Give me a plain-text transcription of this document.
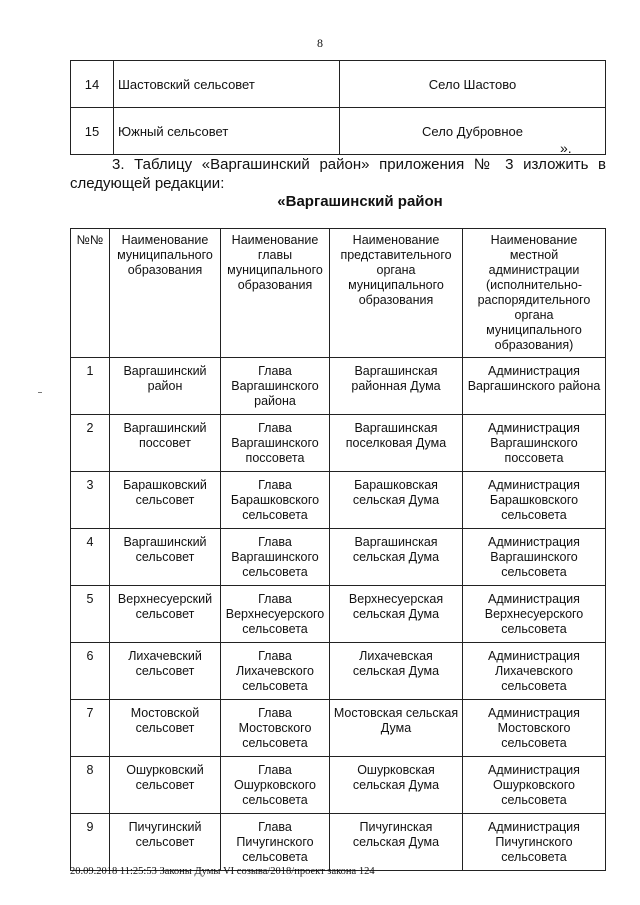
8
14	Шастовский сельсовет	Село Шастово
15	Южный сельсовет	Село Дубровное
».
3. Таблицу «Варгашинский район» приложения № 3 изложить в следующей редакции:
«Варгашинский район
№№	Наименование муниципального образования	Наименование главы муниципального образования	Наименование представительного органа муниципального образования	Наименование местной администрации (исполнительно-распорядительного органа муниципального образования)
1	Варгашинский район	Глава Варгашинского района	Варгашинская районная Дума	Администрация Варгашинского района
2	Варгашинский поссовет	Глава Варгашинского поссовета	Варгашинская поселковая Дума	Администрация Варгашинского поссовета
3	Барашковский сельсовет	Глава Барашковского сельсовета	Барашковская сельская Дума	Администрация Барашковского сельсовета
4	Варгашинский сельсовет	Глава Варгашинского сельсовета	Варгашинская сельская Дума	Администрация Варгашинского сельсовета
5	Верхнесуерский сельсовет	Глава Верхнесуерского сельсовета	Верхнесуерская сельская Дума	Администрация Верхнесуерского сельсовета
6	Лихачевский сельсовет	Глава Лихачевского сельсовета	Лихачевская сельская Дума	Администрация Лихачевского сельсовета
7	Мостовской сельсовет	Глава Мостовского сельсовета	Мостовская сельская Дума	Администрация Мостовского сельсовета
8	Ошурковский сельсовет	Глава Ошурковского сельсовета	Ошурковская сельская Дума	Администрация Ошурковского сельсовета
9	Пичугинский сельсовет	Глава Пичугинского сельсовета	Пичугинская сельская Дума	Администрация Пичугинского сельсовета
20.09.2018 11:25:53 Законы Думы VI созыва/2018/проект закона 124
